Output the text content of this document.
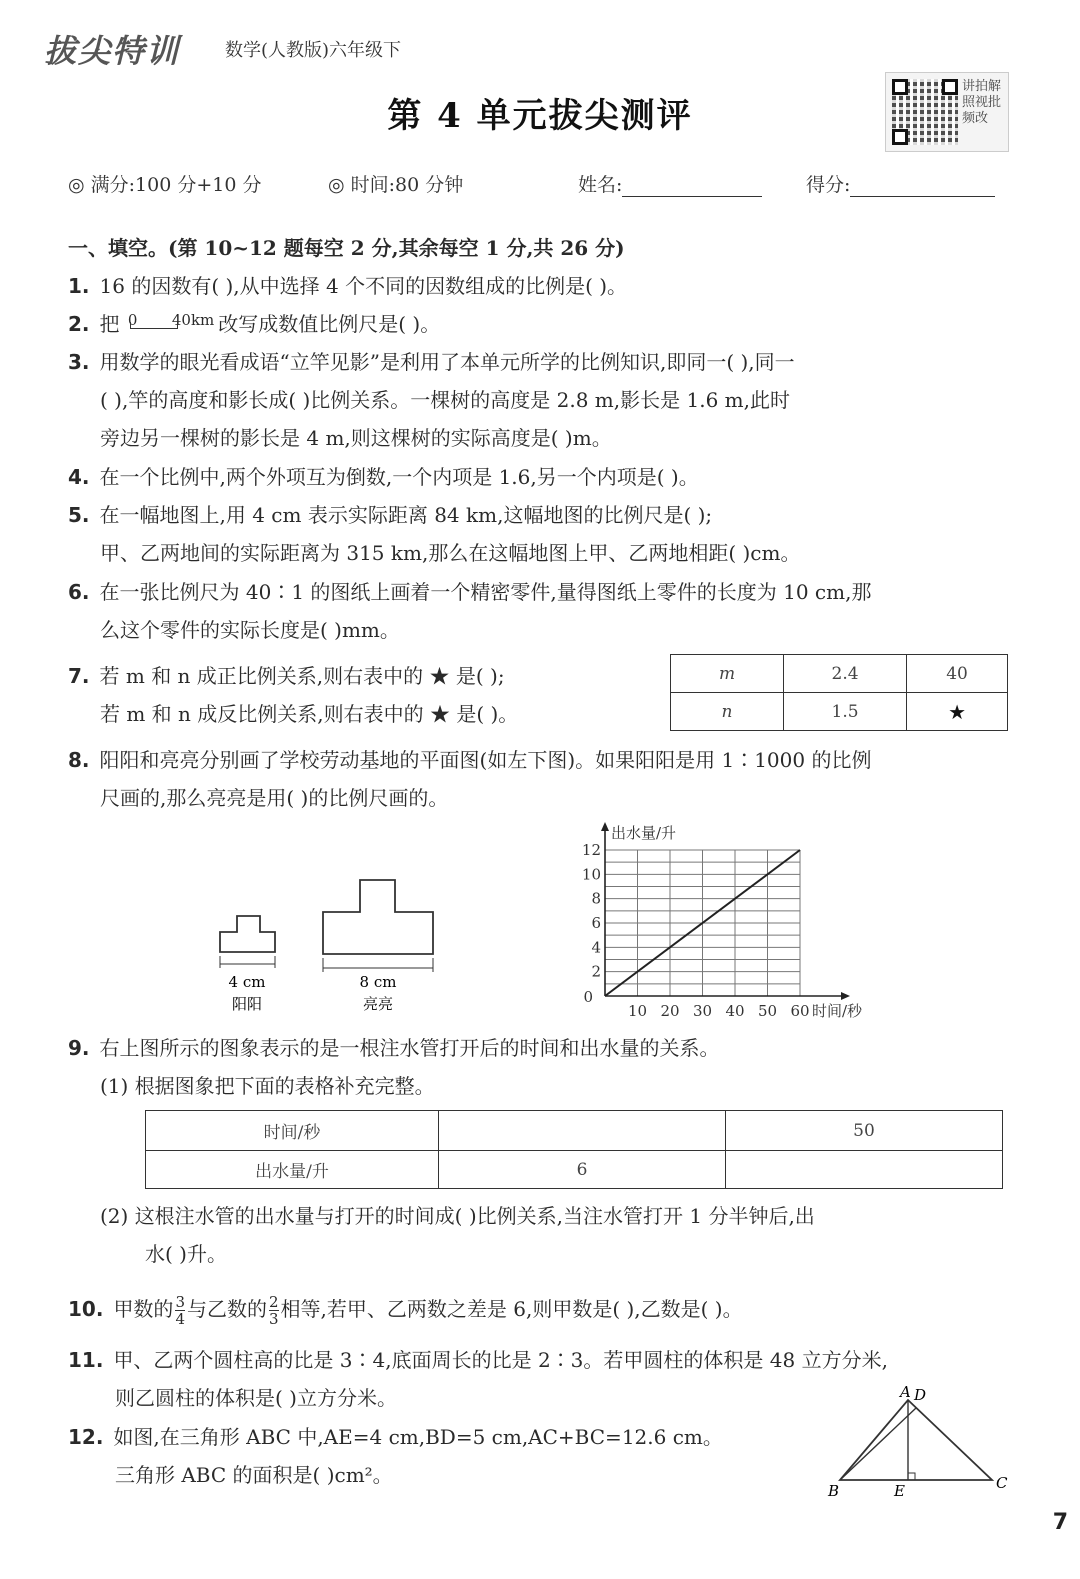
拔尖特训 数学(人教版)六年级下
第 4 单元拔尖测评
讲拍解照视批频改
◎ 满分:100 分+10 分	◎ 时间:80 分钟	姓名:	得分:
一、填空。(第 10~12 题每空 2 分,其余每空 1 分,共 26 分)
1. 16 的因数有( ),从中选择 4 个不同的因数组成的比例是( )。
2. 把 0 40km 改写成数值比例尺是( )。
3. 用数学的眼光看成语“立竿见影”是利用了本单元所学的比例知识,即同一( ),同一
( ),竿的高度和影长成( )比例关系。一棵树的高度是 2.8 m,影长是 1.6 m,此时
旁边另一棵树的影长是 4 m,则这棵树的实际高度是( )m。
4. 在一个比例中,两个外项互为倒数,一个内项是 1.6,另一个内项是( )。
5. 在一幅地图上,用 4 cm 表示实际距离 84 km,这幅地图的比例尺是( );
甲、乙两地间的实际距离为 315 km,那么在这幅地图上甲、乙两地相距( )cm。
6. 在一张比例尺为 40∶1 的图纸上画着一个精密零件,量得图纸上零件的长度为 10 cm,那
么这个零件的实际长度是( )mm。
7. 若 m 和 n 成正比例关系,则右表中的 ★ 是( );
若 m 和 n 成反比例关系,则右表中的 ★ 是( )。
m	2.4	40
n	1.5	★
8. 阳阳和亮亮分别画了学校劳动基地的平面图(如左下图)。如果阳阳是用 1∶1000 的比例
尺画的,那么亮亮是用( )的比例尺画的。
4 cm
阳阳
8 cm
亮亮	10 20 30 40 50 60
2
4
6
8
10
12
0
时间/秒
出水量/升
9. 右上图所示的图象表示的是一根注水管打开后的时间和出水量的关系。
(1) 根据图象把下面的表格补充完整。
时间/秒		50
出水量/升	6	
(2) 这根注水管的出水量与打开的时间成( )比例关系,当注水管打开 1 分半钟后,出
水( )升。
10. 甲数的 $\frac{3}{4}$ 与乙数的 $\frac{2}{3}$ 相等,若甲、乙两数之差是 6,则甲数是( ),乙数是( )。
11. 甲、乙两个圆柱高的比是 3∶4,底面周长的比是 2∶3。若甲圆柱的体积是 48 立方分米,
则乙圆柱的体积是( )立方分米。
12. 如图,在三角形 ABC 中,AE=4 cm,BD=5 cm,AC+BC=12.6 cm。
三角形 ABC 的面积是( )cm²。
A D
B	E	C
7
